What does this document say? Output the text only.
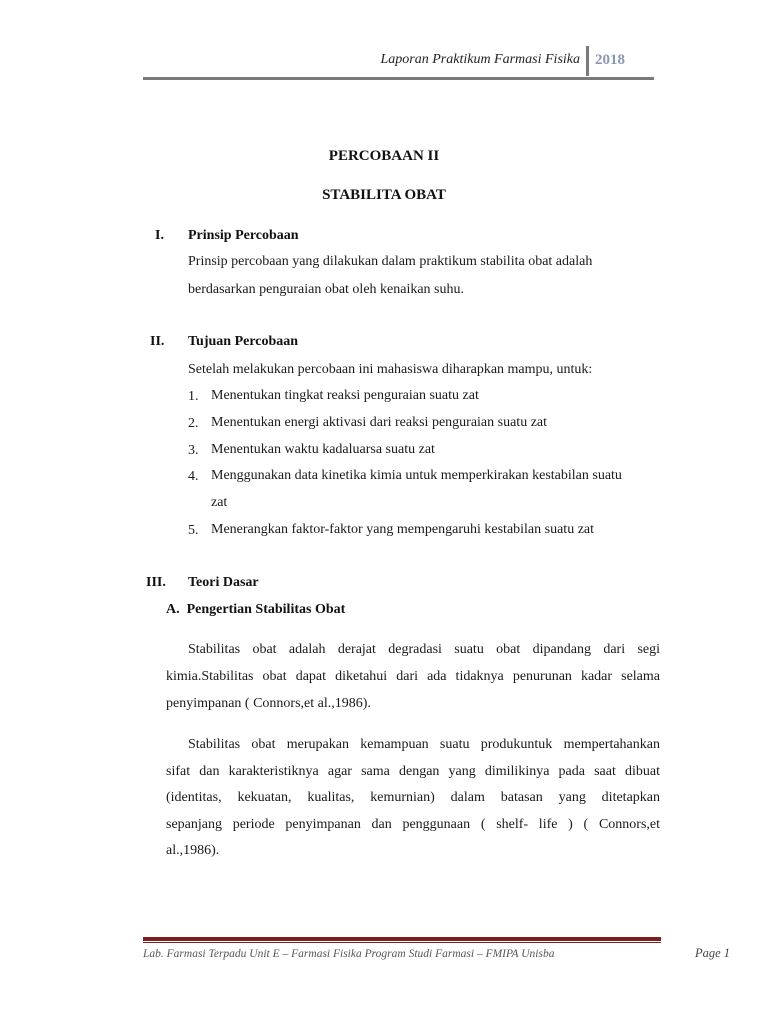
Laporan Praktikum Farmasi Fisika 2018
PERCOBAAN II
STABILITA OBAT
I. Prinsip Percobaan
Prinsip percobaan yang dilakukan dalam praktikum stabilita obat adalah
berdasarkan penguraian obat oleh kenaikan suhu.
II. Tujuan Percobaan
Setelah melakukan percobaan ini mahasiswa diharapkan mampu, untuk:
1. Menentukan tingkat reaksi penguraian suatu zat
2. Menentukan energi aktivasi dari reaksi penguraian suatu zat
3. Menentukan waktu kadaluarsa suatu zat
4. Menggunakan data kinetika kimia untuk memperkirakan kestabilan suatu
zat
5. Menerangkan faktor-faktor yang mempengaruhi kestabilan suatu zat
III. Teori Dasar
A.  Pengertian Stabilitas Obat
Stabilitas obat adalah derajat degradasi suatu obat dipandang dari segi
kimia.Stabilitas obat dapat diketahui dari ada tidaknya penurunan kadar selama
penyimpanan ( Connors,et al.,1986).
Stabilitas obat merupakan kemampuan suatu produkuntuk mempertahankan
sifat dan karakteristiknya agar sama dengan yang dimilikinya pada saat dibuat
(identitas, kekuatan, kualitas, kemurnian) dalam batasan yang ditetapkan
sepanjang periode penyimpanan dan penggunaan ( shelf- life ) ( Connors,et
al.,1986).
Lab. Farmasi Terpadu Unit E – Farmasi Fisika Program Studi Farmasi – FMIPA Unisba	Page 1
